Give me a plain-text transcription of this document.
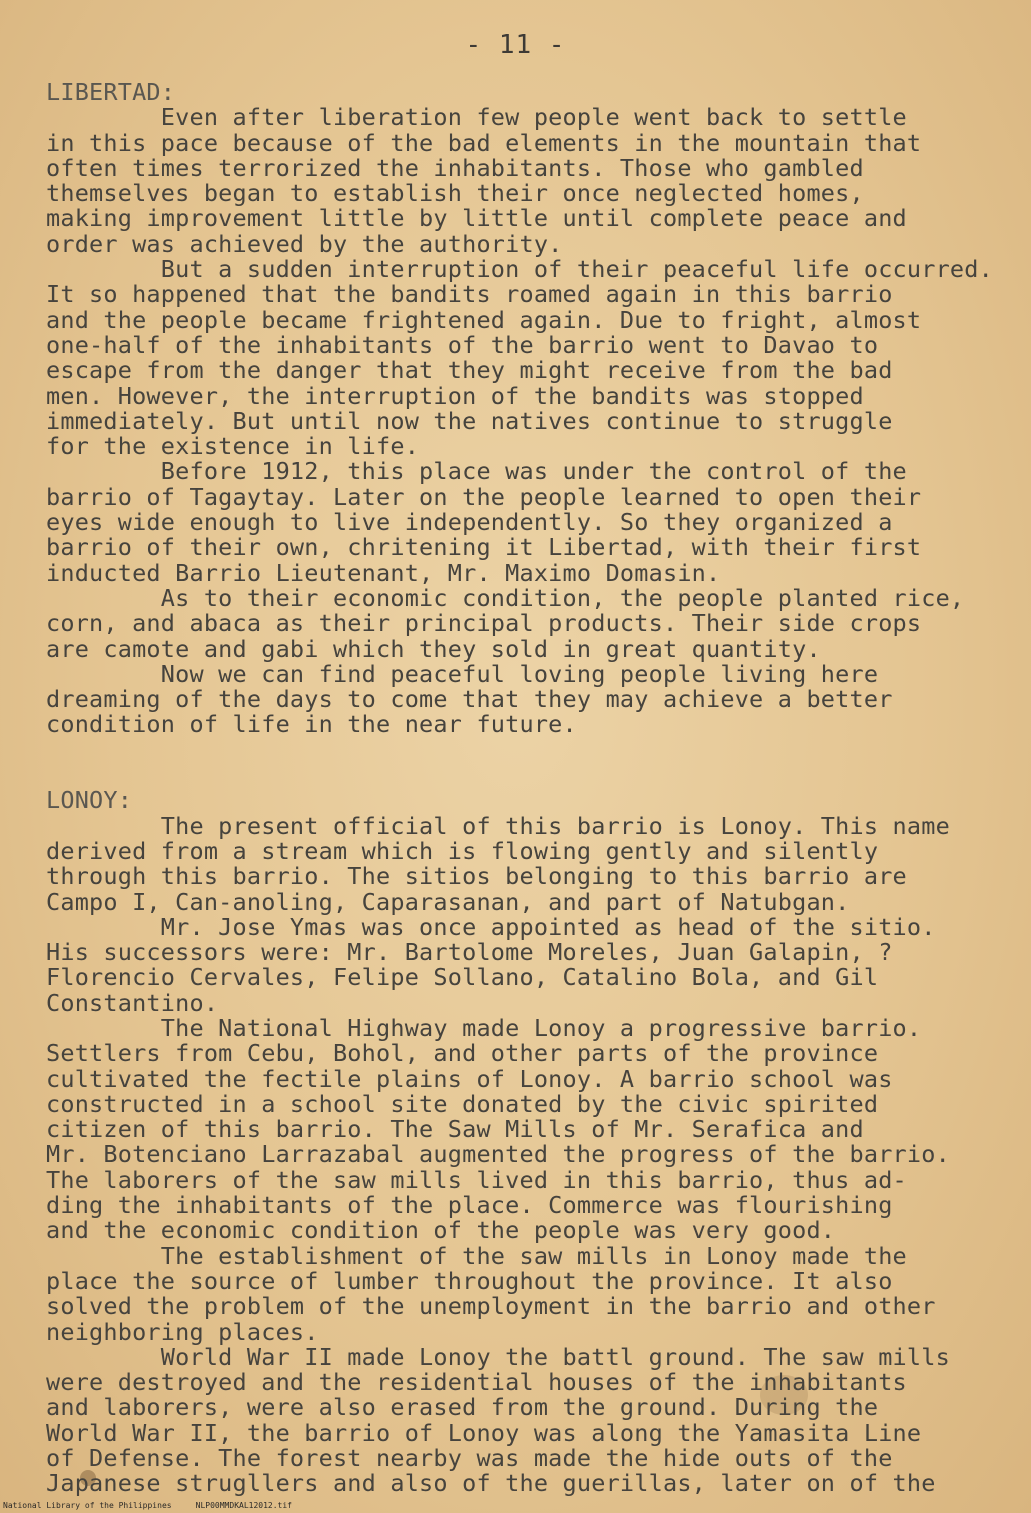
- 11 -
LIBERTAD:
Even after liberation few people went back to settle
in this pace because of the bad elements in the mountain that
often times terrorized the inhabitants. Those who gambled
themselves began to establish their once neglected homes,
making improvement little by little until complete peace and
order was achieved by the authority.
But a sudden interruption of their peaceful life occurred.
It so happened that the bandits roamed again in this barrio
and the people became frightened again. Due to fright, almost
one-half of the inhabitants of the barrio went to Davao to
escape from the danger that they might receive from the bad
men. However, the interruption of the bandits was stopped
immediately. But until now the natives continue to struggle
for the existence in life.
Before 1912, this place was under the control of the
barrio of Tagaytay. Later on the people learned to open their
eyes wide enough to live independently. So they organized a
barrio of their own, chritening it Libertad, with their first
inducted Barrio Lieutenant, Mr. Maximo Domasin.
As to their economic condition, the people planted rice,
corn, and abaca as their principal products. Their side crops
are camote and gabi which they sold in great quantity.
Now we can find peaceful loving people living here
dreaming of the days to come that they may achieve a better
condition of life in the near future.
LONOY:
The present official of this barrio is Lonoy. This name
derived from a stream which is flowing gently and silently
through this barrio. The sitios belonging to this barrio are
Campo I, Can-anoling, Caparasanan, and part of Natubgan.
Mr. Jose Ymas was once appointed as head of the sitio.
His successors were: Mr. Bartolome Moreles, Juan Galapin, ?
Florencio Cervales, Felipe Sollano, Catalino Bola, and Gil
Constantino.
The National Highway made Lonoy a progressive barrio.
Settlers from Cebu, Bohol, and other parts of the province
cultivated the fectile plains of Lonoy. A barrio school was
constructed in a school site donated by the civic spirited
citizen of this barrio. The Saw Mills of Mr. Serafica and
Mr. Botenciano Larrazabal augmented the progress of the barrio.
The laborers of the saw mills lived in this barrio, thus ad-
ding the inhabitants of the place. Commerce was flourishing
and the economic condition of the people was very good.
The establishment of the saw mills in Lonoy made the
place the source of lumber throughout the province. It also
solved the problem of the unemployment in the barrio and other
neighboring places.
World War II made Lonoy the battl ground. The saw mills
were destroyed and the residential houses of the inhabitants
and laborers, were also erased from the ground. During the
World War II, the barrio of Lonoy was along the Yamasita Line
of Defense. The forest nearby was made the hide outs of the
Japanese strugllers and also of the guerillas, later on of the
National Library of the Philippines     NLP00MMDKAL12012.tif
